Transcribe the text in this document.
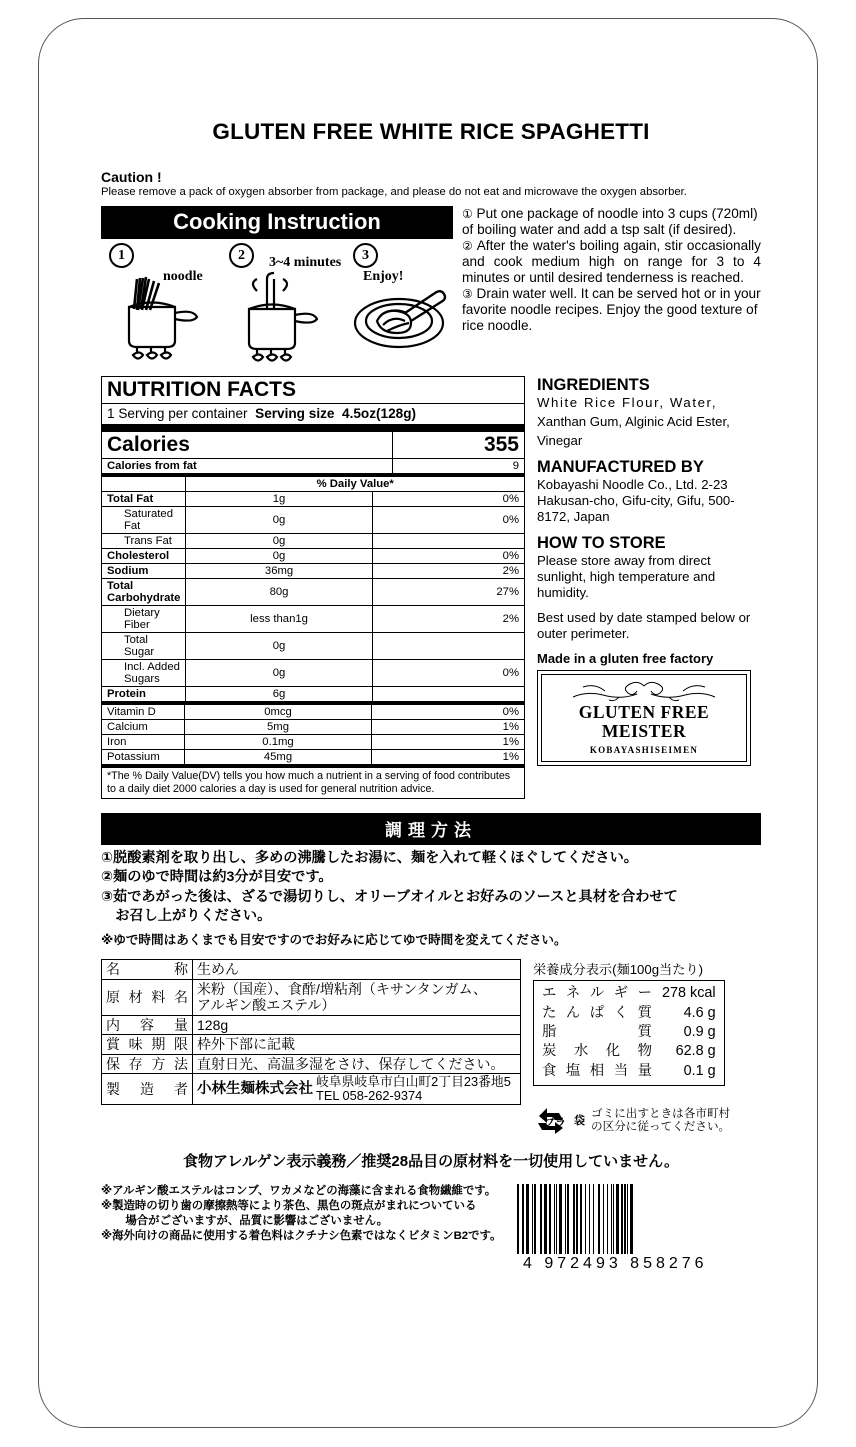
GLUTEN FREE WHITE RICE SPAGHETTI
Caution !
Please remove a pack of oxygen absorber from package, and please do not eat and microwave the oxygen absorber.
Cooking Instruction
1
noodle
2 3~4 minutes	3
Enjoy!

① Put one package of noodle into 3 cups (720ml) of boiling water and add a tsp salt (if desired).

② After the water's boiling again, stir occasionally and cook medium high on range for 3 to 4 minutes or until desired tenderness is reached.

③ Drain water well. It can be served hot or in your favorite noodle recipes. Enjoy the good texture of rice noodle.

NUTRITION FACTS
1 Serving per container Serving size 4.5oz(128g)
Calories	355
Calories from fat	9
	% Daily Value*	
Total Fat	1g	0%
Saturated Fat	0g	0%
Trans Fat	0g	
Cholesterol	0g	0%
Sodium	36mg	2%
Total Carbohydrate	80g	27%
Dietary Fiber	less than1g	2%
Total Sugar	0g	
Incl. Added Sugars	0g	0%
Protein	6g	
Vitamin D	0mcg	0%
Calcium	5mg	1%
Iron	0.1mg	1%
Potassium	45mg	1%
*The % Daily Value(DV) tells you how much a nutrient in a serving of food contributes to a daily diet 2000 calories a day is used for general nutrition advice.
INGREDIENTS

White Rice Flour, Water,

Xanthan Gum, Alginic Acid Ester,

Vinegar

MANUFACTURED BY

Kobayashi Noodle Co., Ltd. 2-23 Hakusan-cho, Gifu-city, Gifu, 500-8172, Japan

HOW TO STORE

Please store away from direct sunlight, high temperature and humidity.

Best used by date stamped below or outer perimeter.

Made in a gluten free factory
GLUTEN FREE
MEISTER
KOBAYASHISEIMEN
調理方法
①脱酸素剤を取り出し、多めの沸騰したお湯に、麺を入れて軽くほぐしてください。
②麺のゆで時間は約3分が目安です。
③茹であがった後は、ざるで湯切りし、オリーブオイルとお好みのソースと具材を合わせて
　お召し上がりください。
※ゆで時間はあくまでも目安ですのでお好みに応じてゆで時間を変えてください。
名　　称	生めん

原材料名	米粉（国産）、食酢/増粘剤（キサンタンガム、
アルギン酸エステル）

内 容 量	128g

賞味期限	枠外下部に記載

保存方法	直射日光、高温多湿をさけ、保存してください。

製 造 者	小林生麺株式会社 岐阜県岐阜市白山町2丁目23番地5
TEL 058-262-9374
栄養成分表示(麺100g当たり)
エネルギー	278 kcal
たんぱく質	4.6 g
脂　　　質	0.9 g
炭 水 化 物	62.8 g
食塩相当量	0.1 g
プラ 袋
ゴミに出すときは各市町村
の区分に従ってください。
食物アレルゲン表示義務／推奨28品目の原材料を一切使用していません。
※アルギン酸エステルはコンブ、ワカメなどの海藻に含まれる食物繊維です。
※製造時の切り歯の摩擦熱等により茶色、黒色の斑点がまれについている
　場合がございますが、品質に影響はございません。
※海外向けの商品に使用する着色料はクチナシ色素ではなくビタミンB2です。
4 972493 858276
